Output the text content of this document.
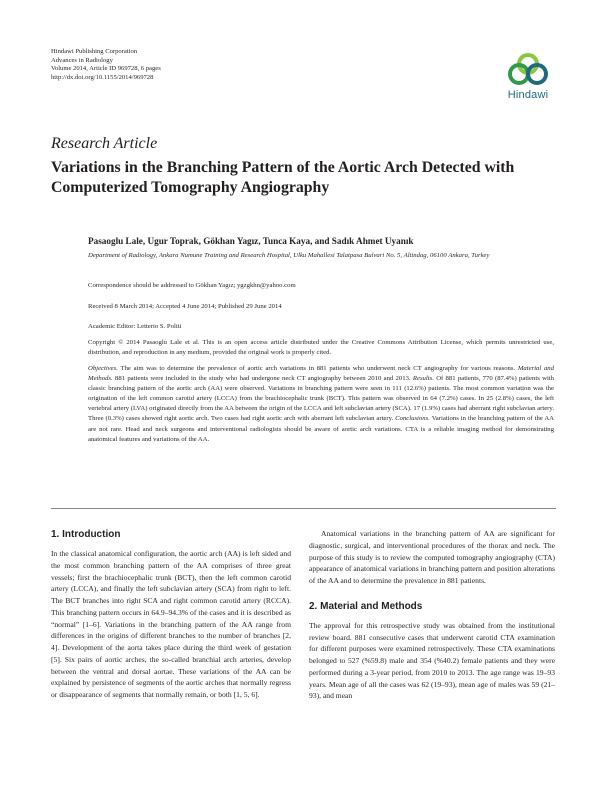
Hindawi Publishing Corporation
Advances in Radiology
Volume 2014, Article ID 969728, 6 pages
http://dx.doi.org/10.1155/2014/969728
Hindawi
Research Article
Variations in the Branching Pattern of the Aortic Arch Detected with Computerized Tomography Angiography
Pasaoglu Lale, Ugur Toprak, Gökhan Yagız, Tunca Kaya, and Sadık Ahmet Uyanık
Department of Radiology, Ankara Numune Training and Research Hospital, Ulku Mahallesi Talatpasa Bulvari No. 5, Altindag, 06100 Ankara, Turkey
Correspondence should be addressed to Gökhan Yagız; ygzgkhn@yahoo.com
Received 8 March 2014; Accepted 4 June 2014; Published 29 June 2014
Academic Editor: Letterio S. Politi
Copyright © 2014 Pasaoglu Lale et al. This is an open access article distributed under the Creative Commons Attribution License, which permits unrestricted use, distribution, and reproduction in any medium, provided the original work is properly cited.
Objectives. The aim was to determine the prevalence of aortic arch variations in 881 patients who underwent neck CT angiography for various reasons. Material and Methods. 881 patients were included in the study who had undergone neck CT angiography between 2010 and 2013. Results. Of 881 patients, 770 (87.4%) patients with classic branching pattern of the aortic arch (AA) were observed. Variations in branching pattern were seen in 111 (12.6%) patients. The most common variation was the origination of the left common carotid artery (LCCA) from the brachiocephalic trunk (BCT). This pattern was observed in 64 (7.2%) cases. In 25 (2.8%) cases, the left vertebral artery (LVA) originated directly from the AA between the origin of the LCCA and left subclavian artery (SCA). 17 (1.9%) cases had aberrant right subclavian artery. Three (0.3%) cases showed right aortic arch. Two cases had right aortic arch with aberrant left subclavian artery. Conclusions. Variations in the branching pattern of the AA are not rare. Head and neck surgeons and interventional radiologists should be aware of aortic arch variations. CTA is a reliable imaging method for demonstrating anatomical features and variations of the AA.
1. Introduction

In the classical anatomical configuration, the aortic arch (AA) is left sided and the most common branching pattern of the AA comprises of three great vessels; first the brachiocephalic trunk (BCT), then the left common carotid artery (LCCA), and finally the left subclavian artery (SCA) from right to left. The BCT branches into right SCA and right common carotid artery (RCCA). This branching pattern occurs in 64.9–94.3% of the cases and it is described as “normal” [1–6]. Variations in the branching pattern of the AA range from differences in the origins of different branches to the number of branches [2, 4]. Development of the aorta takes place during the third week of gestation [5]. Six pairs of aortic arches, the so-called branchial arch arteries, develop between the ventral and dorsal aortae. These variations of the AA can be explained by persistence of segments of the aortic arches that normally regress or disappearance of segments that normally remain, or both [1, 5, 6].

Anatomical variations in the branching pattern of AA are significant for diagnostic, surgical, and interventional procedures of the thorax and neck. The purpose of this study is to review the computed tomography angiography (CTA) appearance of anatomical variations in branching pattern and position alterations of the AA and to determine the prevalence in 881 patients.

2. Material and Methods

The approval for this retrospective study was obtained from the institutional review board. 881 consecutive cases that underwent carotid CTA examination for different purposes were examined retrospectively. These CTA examinations belonged to 527 (%59.8) male and 354 (%40.2) female patients and they were performed during a 3-year period, from 2010 to 2013. The age range was 19–93 years. Mean age of all the cases was 62 (19–93), mean age of males was 59 (21–93), and mean
